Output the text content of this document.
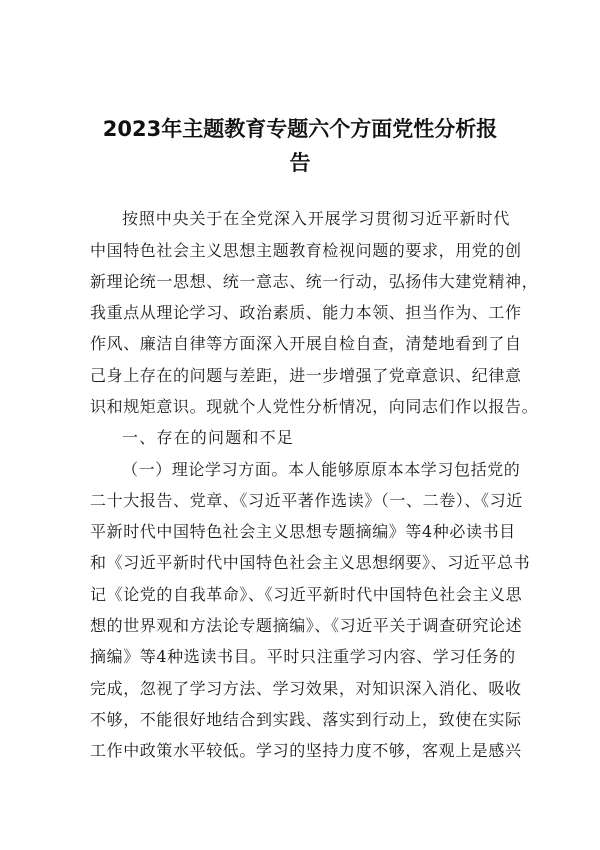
2023年主题教育专题六个方面党性分析报
告
按照中央关于在全党深入开展学习贯彻习近平新时代
中国特色社会主义思想主题教育检视问题的要求，用党的创
新理论统一思想、统一意志、统一行动，弘扬伟大建党精神，
我重点从理论学习、政治素质、能力本领、担当作为、工作
作风、廉洁自律等方面深入开展自检自查，清楚地看到了自
己身上存在的问题与差距，进一步增强了党章意识、纪律意
识和规矩意识。现就个人党性分析情况，向同志们作以报告。
一、存在的问题和不足
（一）理论学习方面。本人能够原原本本学习包括党的
二十大报告、党章、《习近平著作选读》（一、二卷）、《习近
平新时代中国特色社会主义思想专题摘编》等4种必读书目
和《习近平新时代中国特色社会主义思想纲要》、习近平总书
记《论党的自我革命》、《习近平新时代中国特色社会主义思
想的世界观和方法论专题摘编》、《习近平关于调查研究论述
摘编》等4种选读书目。平时只注重学习内容、学习任务的
完成，忽视了学习方法、学习效果，对知识深入消化、吸收
不够，不能很好地结合到实践、落实到行动上，致使在实际
工作中政策水平较低。学习的坚持力度不够，客观上是感兴
